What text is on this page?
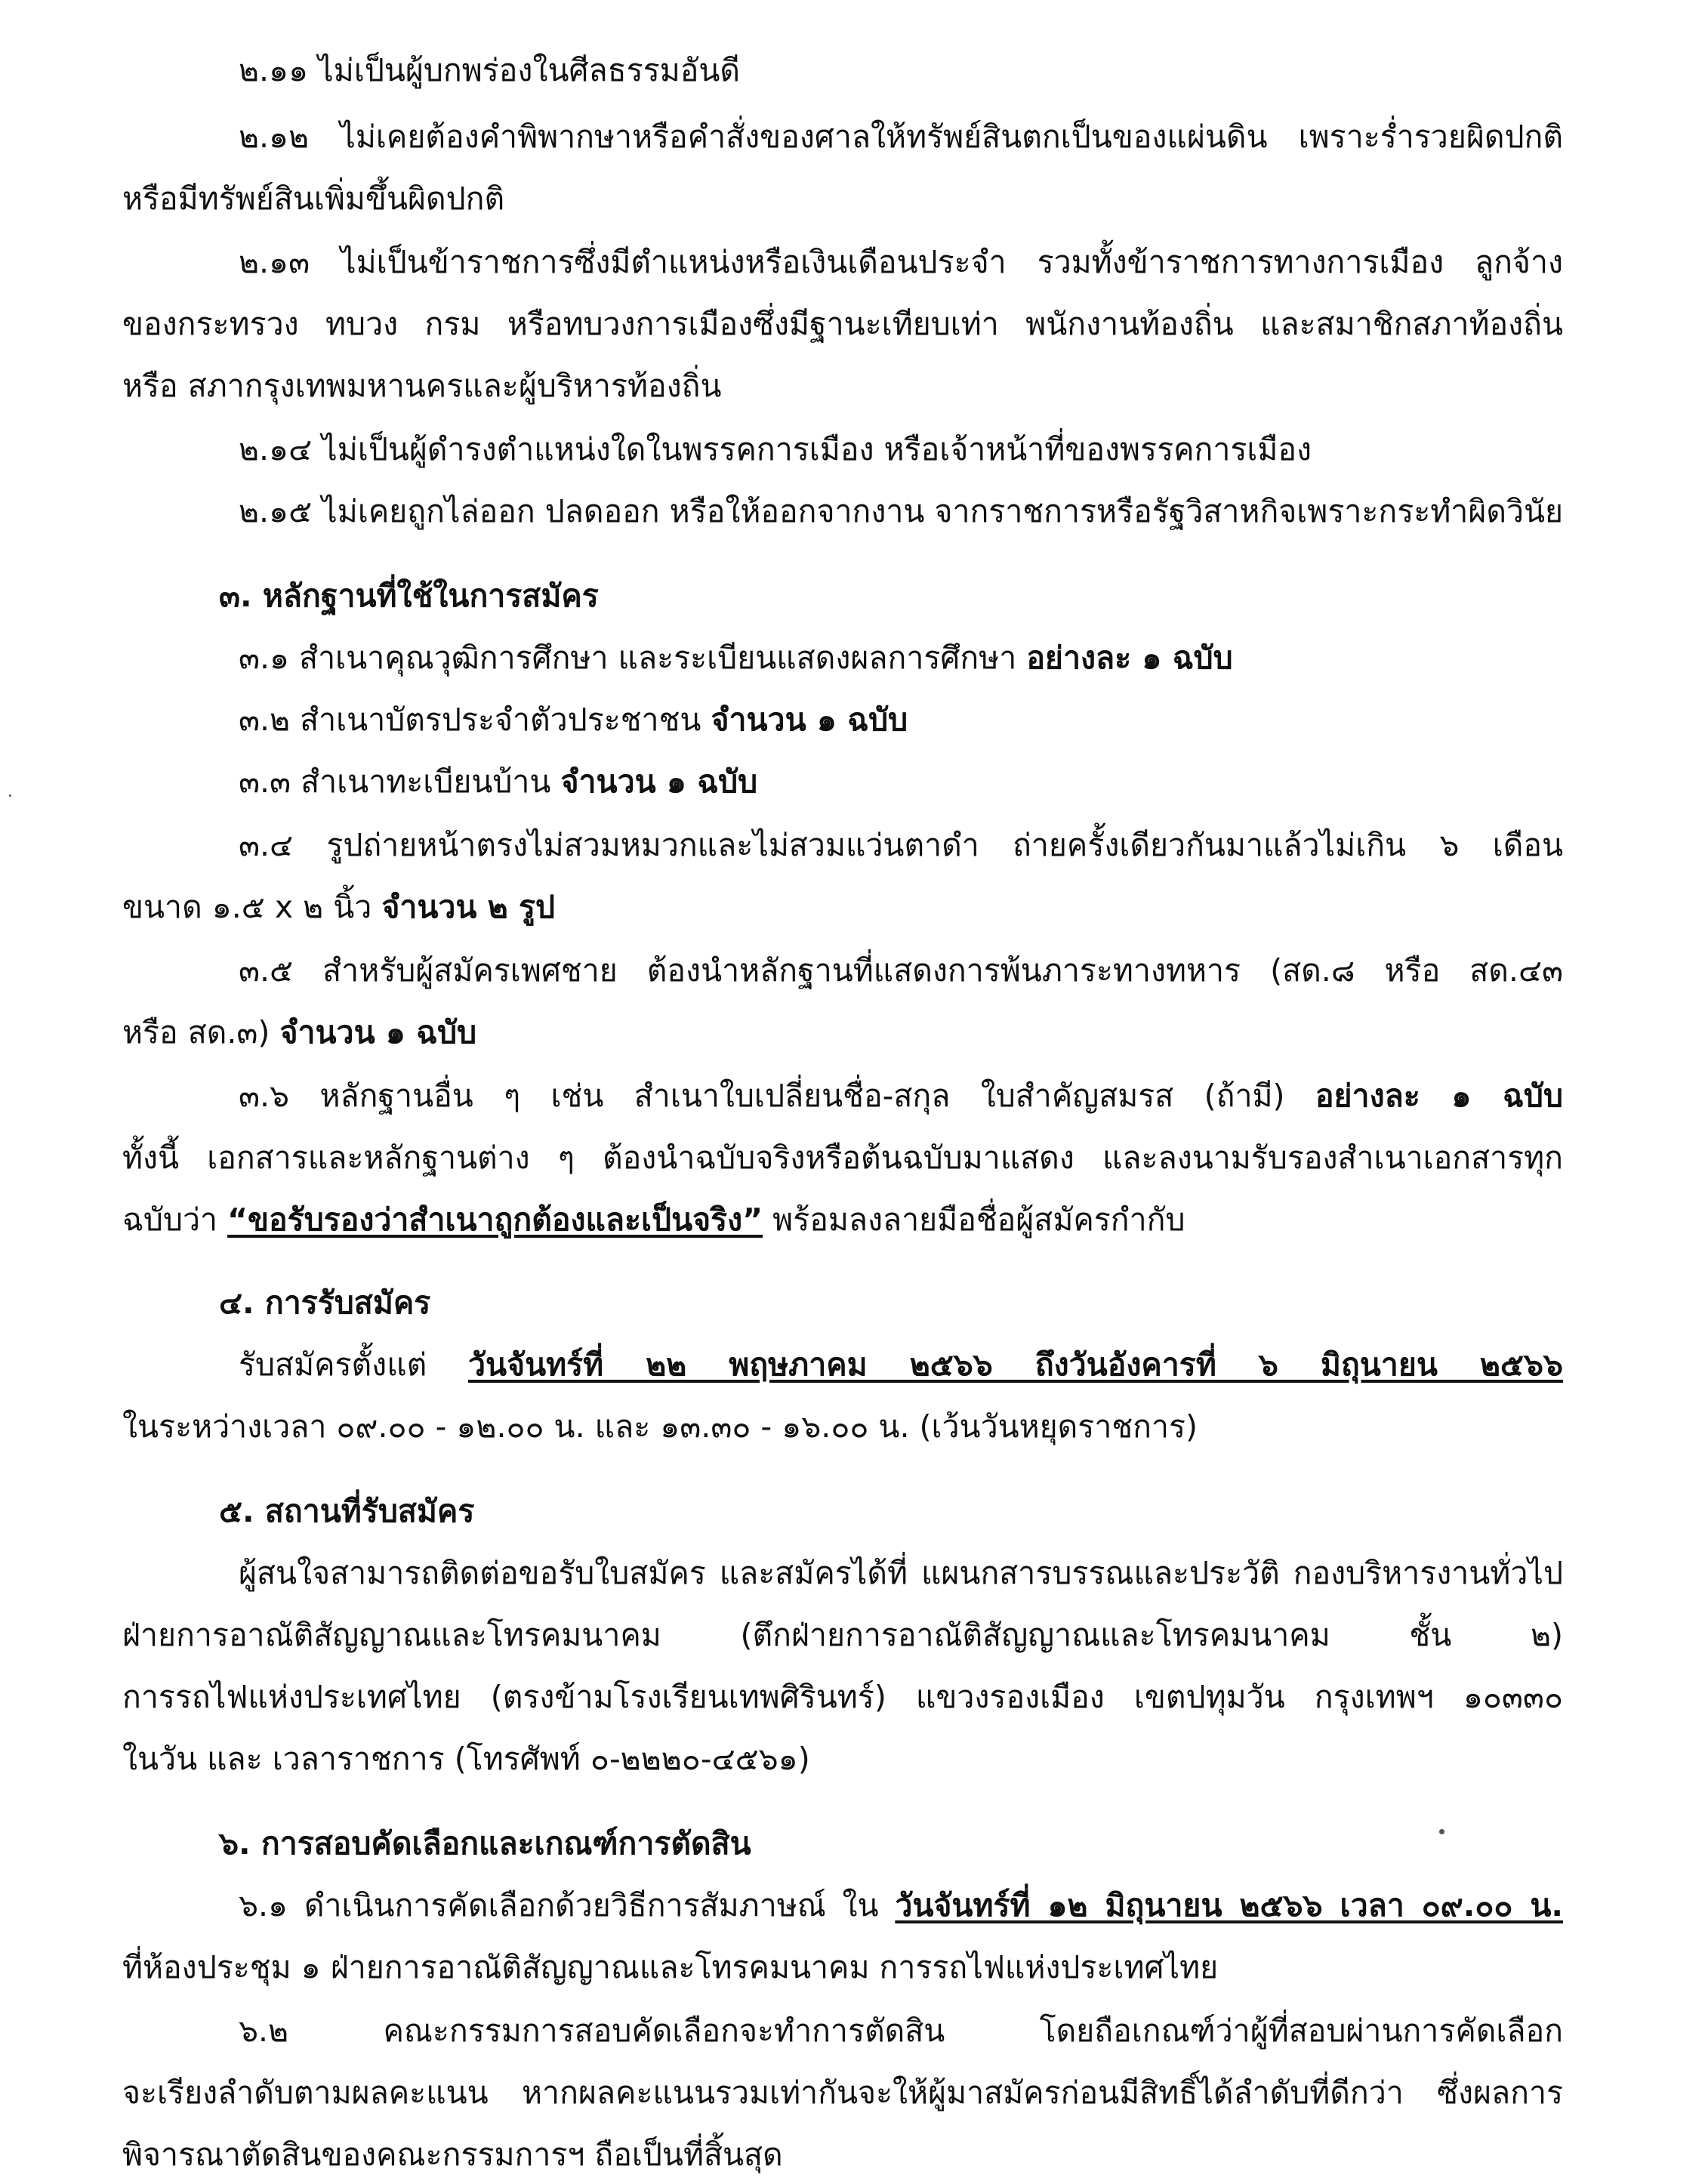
๒.๑๑ ไม่เป็นผู้บกพร่องในศีลธรรมอันดี
๒.๑๒ ไม่เคยต้องคำพิพากษาหรือคำสั่งของศาลให้ทรัพย์สินตกเป็นของแผ่นดิน เพราะร่ำรวยผิดปกติ
หรือมีทรัพย์สินเพิ่มขึ้นผิดปกติ
๒.๑๓ ไม่เป็นข้าราชการซึ่งมีตำแหน่งหรือเงินเดือนประจำ รวมทั้งข้าราชการทางการเมือง ลูกจ้าง
ของกระทรวง ทบวง กรม หรือทบวงการเมืองซึ่งมีฐานะเทียบเท่า พนักงานท้องถิ่น และสมาชิกสภาท้องถิ่น
หรือ สภากรุงเทพมหานครและผู้บริหารท้องถิ่น
๒.๑๔ ไม่เป็นผู้ดำรงตำแหน่งใดในพรรคการเมือง หรือเจ้าหน้าที่ของพรรคการเมือง
๒.๑๕ ไม่เคยถูกไล่ออก ปลดออก หรือให้ออกจากงาน จากราชการหรือรัฐวิสาหกิจเพราะกระทำผิดวินัย
๓. หลักฐานที่ใช้ในการสมัคร
๓.๑ สำเนาคุณวุฒิการศึกษา และระเบียนแสดงผลการศึกษา อย่างละ ๑ ฉบับ
๓.๒ สำเนาบัตรประจำตัวประชาชน จำนวน ๑ ฉบับ
๓.๓ สำเนาทะเบียนบ้าน จำนวน ๑ ฉบับ
๓.๔ รูปถ่ายหน้าตรงไม่สวมหมวกและไม่สวมแว่นตาดำ ถ่ายครั้งเดียวกันมาแล้วไม่เกิน ๖ เดือน
ขนาด ๑.๕ x ๒ นิ้ว จำนวน ๒ รูป
๓.๕ สำหรับผู้สมัครเพศชาย ต้องนำหลักฐานที่แสดงการพ้นภาระทางทหาร (สด.๘ หรือ สด.๔๓
หรือ สด.๓) จำนวน ๑ ฉบับ
๓.๖ หลักฐานอื่น ๆ เช่น สำเนาใบเปลี่ยนชื่อ-สกุล ใบสำคัญสมรส (ถ้ามี) อย่างละ ๑ ฉบับ
ทั้งนี้ เอกสารและหลักฐานต่าง ๆ ต้องนำฉบับจริงหรือต้นฉบับมาแสดง และลงนามรับรองสำเนาเอกสารทุก
ฉบับว่า “ขอรับรองว่าสำเนาถูกต้องและเป็นจริง” พร้อมลงลายมือชื่อผู้สมัครกำกับ
๔. การรับสมัคร
รับสมัครตั้งแต่ วันจันทร์ที่ ๒๒ พฤษภาคม ๒๕๖๖ ถึงวันอังคารที่ ๖ มิถุนายน ๒๕๖๖
ในระหว่างเวลา ๐๙.๐๐ - ๑๒.๐๐ น. และ ๑๓.๓๐ - ๑๖.๐๐ น. (เว้นวันหยุดราชการ)
๕. สถานที่รับสมัคร
ผู้สนใจสามารถติดต่อขอรับใบสมัคร และสมัครได้ที่ แผนกสารบรรณและประวัติ กองบริหารงานทั่วไป
ฝ่ายการอาณัติสัญญาณและโทรคมนาคม (ตึกฝ่ายการอาณัติสัญญาณและโทรคมนาคม ชั้น ๒)
การรถไฟแห่งประเทศไทย (ตรงข้ามโรงเรียนเทพศิรินทร์) แขวงรองเมือง เขตปทุมวัน กรุงเทพฯ ๑๐๓๓๐
ในวัน และ เวลาราชการ (โทรศัพท์ ๐-๒๒๒๐-๔๕๖๑)
๖. การสอบคัดเลือกและเกณฑ์การตัดสิน
๖.๑ ดำเนินการคัดเลือกด้วยวิธีการสัมภาษณ์ ใน วันจันทร์ที่ ๑๒ มิถุนายน ๒๕๖๖ เวลา ๐๙.๐๐ น.
ที่ห้องประชุม ๑ ฝ่ายการอาณัติสัญญาณและโทรคมนาคม การรถไฟแห่งประเทศไทย
๖.๒ คณะกรรมการสอบคัดเลือกจะทำการตัดสิน โดยถือเกณฑ์ว่าผู้ที่สอบผ่านการคัดเลือก
จะเรียงลำดับตามผลคะแนน หากผลคะแนนรวมเท่ากันจะให้ผู้มาสมัครก่อนมีสิทธิ์ได้ลำดับที่ดีกว่า ซึ่งผลการ
พิจารณาตัดสินของคณะกรรมการฯ ถือเป็นที่สิ้นสุด
